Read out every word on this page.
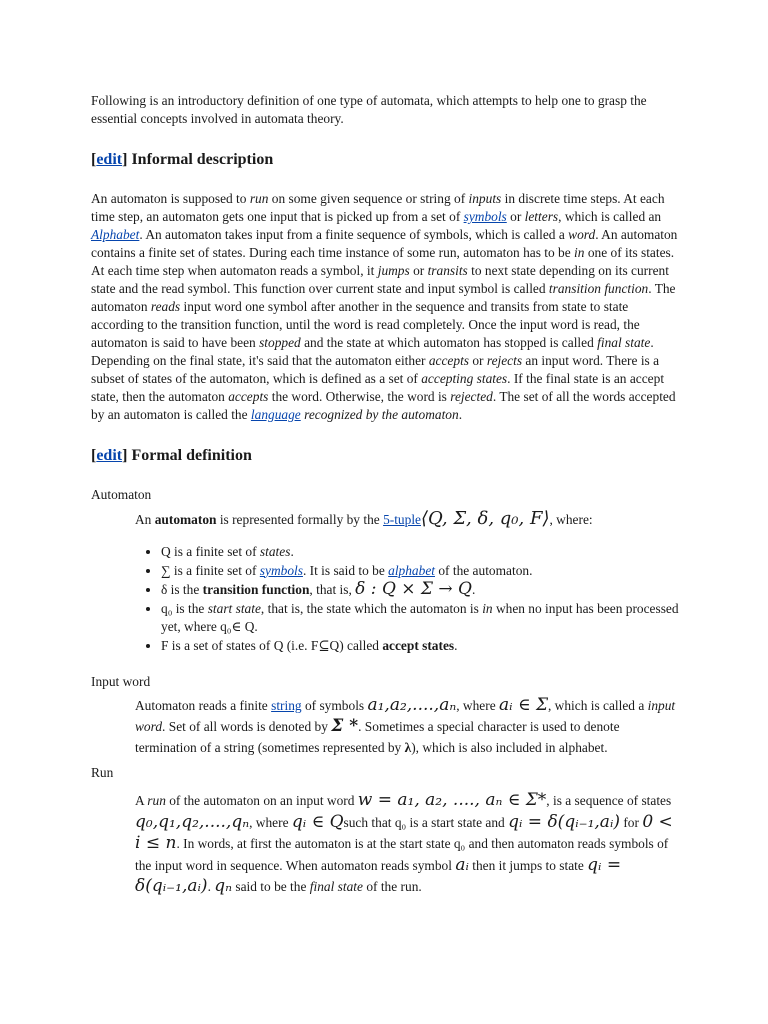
Following is an introductory definition of one type of automata, which attempts to help one to grasp the essential concepts involved in automata theory.

[edit] Informal description

An automaton is supposed to run on some given sequence or string of inputs in discrete time steps. At each time step, an automaton gets one input that is picked up from a set of symbols or letters, which is called an Alphabet. An automaton takes input from a finite sequence of symbols, which is called a word. An automaton contains a finite set of states. During each time instance of some run, automaton has to be in one of its states. At each time step when automaton reads a symbol, it jumps or transits to next state depending on its current state and the read symbol. This function over current state and input symbol is called transition function. The automaton reads input word one symbol after another in the sequence and transits from state to state according to the transition function, until the word is read completely. Once the input word is read, the automaton is said to have been stopped and the state at which automaton has stopped is called final state. Depending on the final state, it's said that the automaton either accepts or rejects an input word. There is a subset of states of the automaton, which is defined as a set of accepting states. If the final state is an accept state, then the automaton accepts the word. Otherwise, the word is rejected. The set of all the words accepted by an automaton is called the language recognized by the automaton.

[edit] Formal definition

Automaton

An automaton is represented formally by the 5-tuple⟨Q, Σ, δ, q₀, F⟩, where:

• Q is a finite set of states.
• ∑ is a finite set of symbols. It is said to be alphabet of the automaton.
• δ is the transition function, that is, δ : Q × Σ → Q.
• q₀ is the start state, that is, the state which the automaton is in when no input has been processed yet, where q₀∈ Q.
• F is a set of states of Q (i.e. F⊆Q) called accept states.

Input word

Automaton reads a finite string of symbols a₁,a₂,....,aₙ, where aᵢ ∈ Σ, which is called a input word. Set of all words is denoted by Σ *. Sometimes a special character is used to denote termination of a string (sometimes represented by λ), which is also included in alphabet.

Run

A run of the automaton on an input word w = a₁, a₂, ...., aₙ ∈ Σ*, is a sequence of states q₀,q₁,q₂,....,qₙ, where qᵢ ∈ Qsuch that q₀ is a start state and qᵢ = δ(qᵢ₋₁,aᵢ) for 0 < i ≤ n. In words, at first the automaton is at the start state q₀ and then automaton reads symbols of the input word in sequence. When automaton reads symbol aᵢ then it jumps to state qᵢ = δ(qᵢ₋₁,aᵢ). qₙ said to be the final state of the run.
